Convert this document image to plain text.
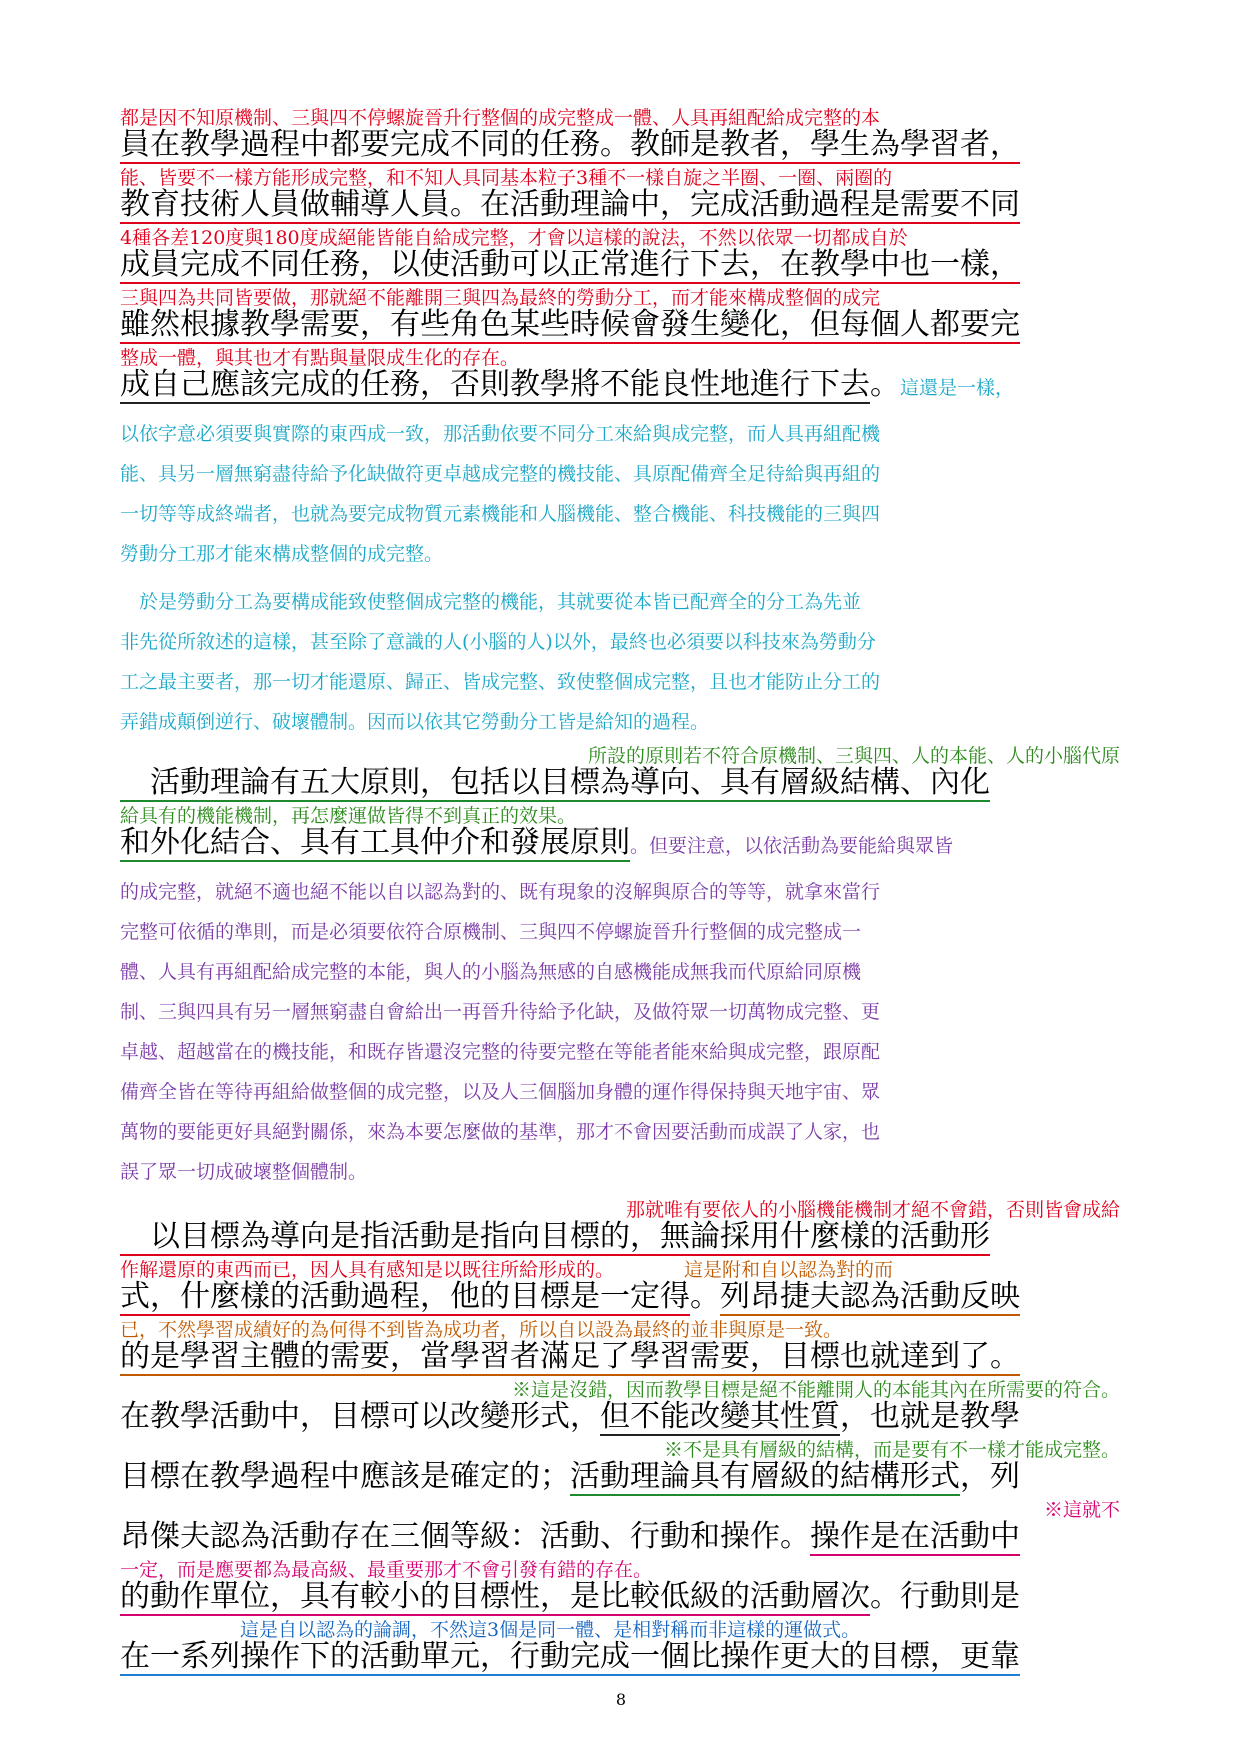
都是因不知原機制、三與四不停螺旋晉升行整個的成完整成一體、人具再組配給成完整的本
員在教學過程中都要完成不同的任務。教師是教者，學生為學習者，
能、皆要不一樣方能形成完整，和不知人具同基本粒子3種不一樣自旋之半圈、一圈、兩圈的
教育技術人員做輔導人員。在活動理論中，完成活動過程是需要不同
4種各差120度與180度成絕能皆能自給成完整，才會以這樣的說法，不然以依眾一切都成自於
成員完成不同任務，以使活動可以正常進行下去，在教學中也一樣，
三與四為共同皆要做，那就絕不能離開三與四為最終的勞動分工，而才能來構成整個的成完
雖然根據教學需要，有些角色某些時候會發生變化，但每個人都要完
整成一體，與其也才有點與量限成生化的存在。
成自己應該完成的任務，否則教學將不能良性地進行下去。這還是一樣，
以依字意必須要與實際的東西成一致，那活動依要不同分工來給與成完整，而人具再組配機
能、具另一層無窮盡待給予化缺做符更卓越成完整的機技能、具原配備齊全足待給與再組的
一切等等成終端者，也就為要完成物質元素機能和人腦機能、整合機能、科技機能的三與四
勞動分工那才能來構成整個的成完整。
　於是勞動分工為要構成能致使整個成完整的機能，其就要從本皆已配齊全的分工為先並
非先從所敘述的這樣，甚至除了意識的人(小腦的人)以外，最終也必須要以科技來為勞動分
工之最主要者，那一切才能還原、歸正、皆成完整、致使整個成完整，且也才能防止分工的
弄錯成顛倒逆行、破壞體制。因而以依其它勞動分工皆是給知的過程。
所設的原則若不符合原機制、三與四、人的本能、人的小腦代原
　活動理論有五大原則，包括以目標為導向、具有層級結構、內化
給具有的機能機制，再怎麼運做皆得不到真正的效果。
和外化結合、具有工具仲介和發展原則。但要注意，以依活動為要能給與眾皆
的成完整，就絕不適也絕不能以自以認為對的、既有現象的沒解與原合的等等，就拿來當行
完整可依循的準則，而是必須要依符合原機制、三與四不停螺旋晉升行整個的成完整成一
體、人具有再組配給成完整的本能，與人的小腦為無感的自感機能成無我而代原給同原機
制、三與四具有另一層無窮盡自會給出一再晉升待給予化缺，及做符眾一切萬物成完整、更
卓越、超越當在的機技能，和既存皆還沒完整的待要完整在等能者能來給與成完整，跟原配
備齊全皆在等待再組給做整個的成完整，以及人三個腦加身體的運作得保持與天地宇宙、眾
萬物的要能更好具絕對關係，來為本要怎麼做的基準，那才不會因要活動而成誤了人家，也
誤了眾一切成破壞整個體制。
那就唯有要依人的小腦機能機制才絕不會錯，否則皆會成給
　以目標為導向是指活動是指向目標的，無論採用什麼樣的活動形
作解還原的東西而已，因人具有感知是以既往所給形成的。	這是附和自以認為對的而
式，什麼樣的活動過程，他的目標是一定得。列昂捷夫認為活動反映
已，不然學習成績好的為何得不到皆為成功者，所以自以設為最終的並非與原是一致。
的是學習主體的需要，當學習者滿足了學習需要，目標也就達到了。
※這是沒錯，因而教學目標是絕不能離開人的本能其內在所需要的符合。
在教學活動中，目標可以改變形式，但不能改變其性質，也就是教學
※不是具有層級的結構，而是要有不一樣才能成完整。
目標在教學過程中應該是確定的；活動理論具有層級的結構形式，列
※這就不
昂傑夫認為活動存在三個等級：活動、行動和操作。操作是在活動中
一定，而是應要都為最高級、最重要那才不會引發有錯的存在。
的動作單位，具有較小的目標性，是比較低級的活動層次。行動則是
這是自以認為的論調，不然這3個是同一體、是相對稱而非這樣的運做式。
在一系列操作下的活動單元，行動完成一個比操作更大的目標，更靠
8
